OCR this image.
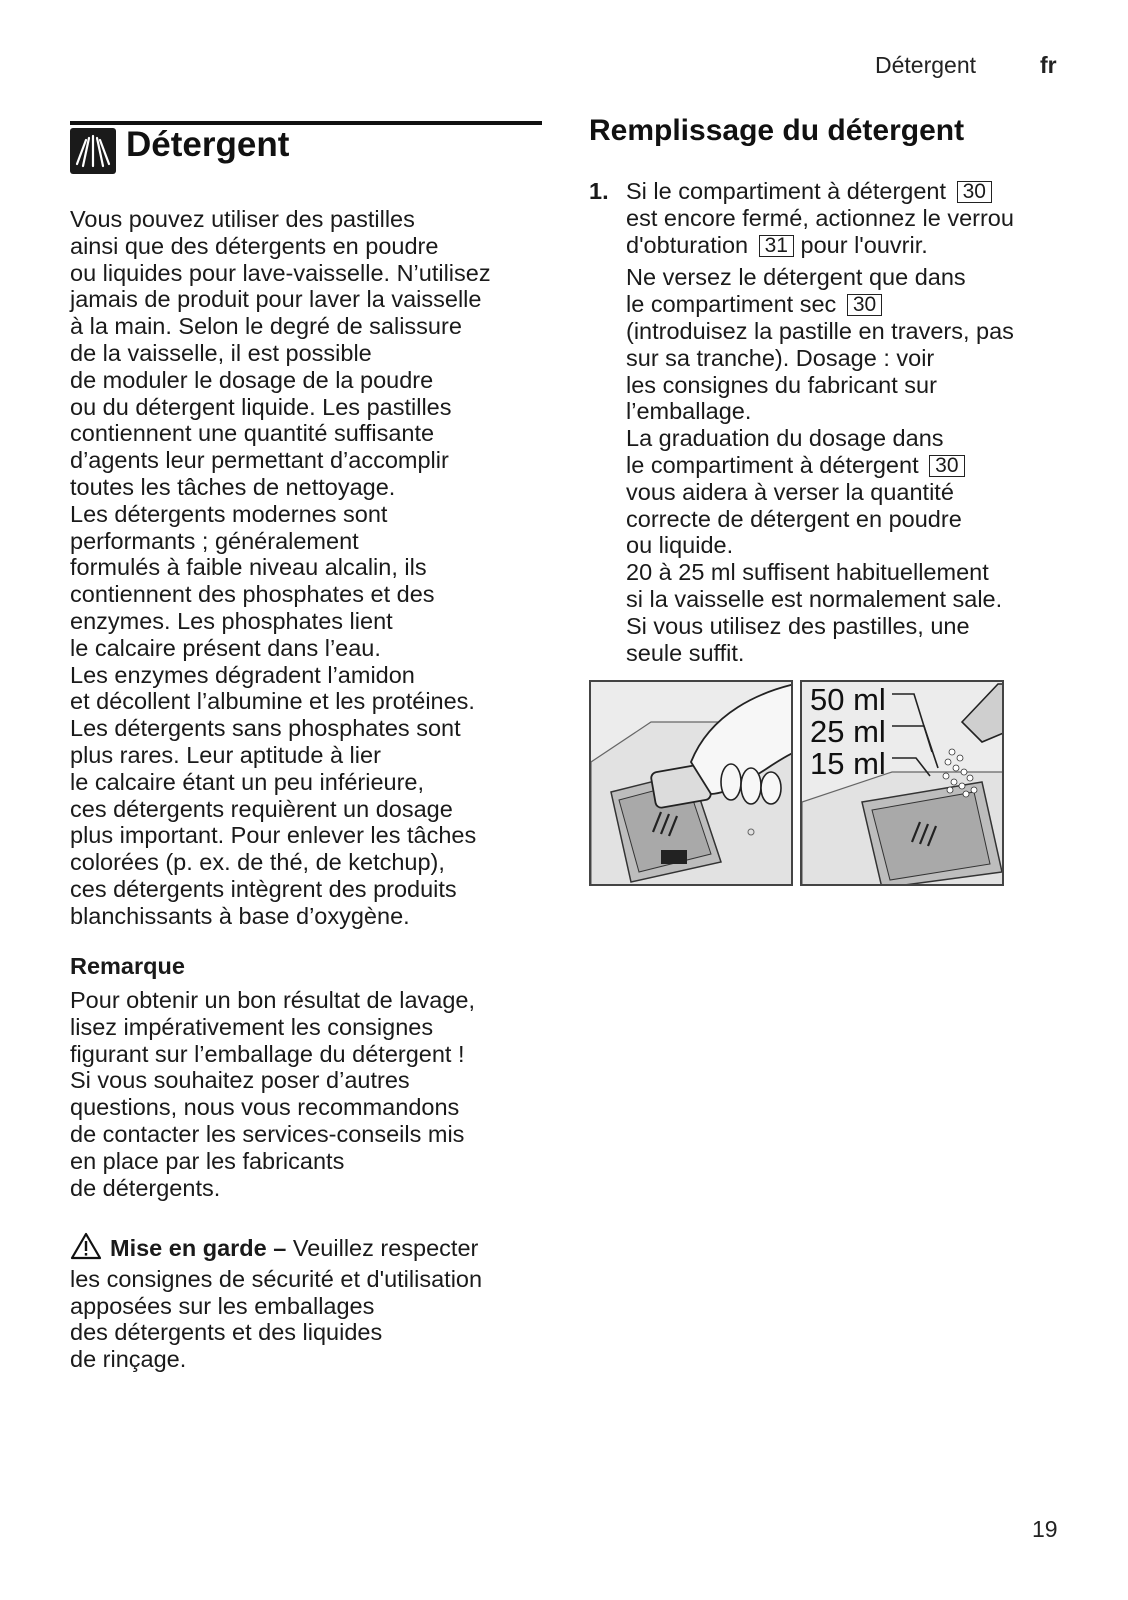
Détergent	fr
Détergent

Vous pouvez utiliser des pastilles

ainsi que des détergents en poudre

ou liquides pour lave-vaisselle. N’utilisez

jamais de produit pour laver la vaisselle

à la main. Selon le degré de salissure

de la vaisselle, il est possible

de moduler le dosage de la poudre

ou du détergent liquide. Les pastilles

contiennent une quantité suffisante

d’agents leur permettant d’accomplir

toutes les tâches de nettoyage.

Les détergents modernes sont

performants ; généralement

formulés à faible niveau alcalin, ils

contiennent des phosphates et des

enzymes. Les phosphates lient

le calcaire présent dans l’eau.

Les enzymes dégradent l’amidon

et décollent l’albumine et les protéines.

Les détergents sans phosphates sont

plus rares. Leur aptitude à lier

le calcaire étant un peu inférieure,

ces détergents requièrent un dosage

plus important. Pour enlever les tâches

colorées (p. ex. de thé, de ketchup),

ces détergents intègrent des produits

blanchissants à base d’oxygène.

Remarque

Pour obtenir un bon résultat de lavage,

lisez impérativement les consignes

figurant sur l’emballage du détergent !

Si vous souhaitez poser d’autres

questions, nous vous recommandons

de contacter les services-conseils mis

en place par les fabricants

de détergents.

Mise en garde – Veuillez respecter

les consignes de sécurité et d'utilisation

apposées sur les emballages

des détergents et des liquides

de rinçage.

Remplissage du détergent
1. Si le compartiment à détergent 30

est encore fermé, actionnez le verrou

d'obturation 31 pour l'ouvrir.

Ne versez le détergent que dans

le compartiment sec 30

(introduisez la pastille en travers, pas

sur sa tranche). Dosage : voir

les consignes du fabricant sur

l’emballage.

La graduation du dosage dans

le compartiment à détergent 30

vous aidera à verser la quantité

correcte de détergent en poudre

ou liquide.

20 à 25 ml suffisent habituellement

si la vaisselle est normalement sale.

Si vous utilisez des pastilles, une

seule suffit.

50 ml
25 ml
15 ml
19
